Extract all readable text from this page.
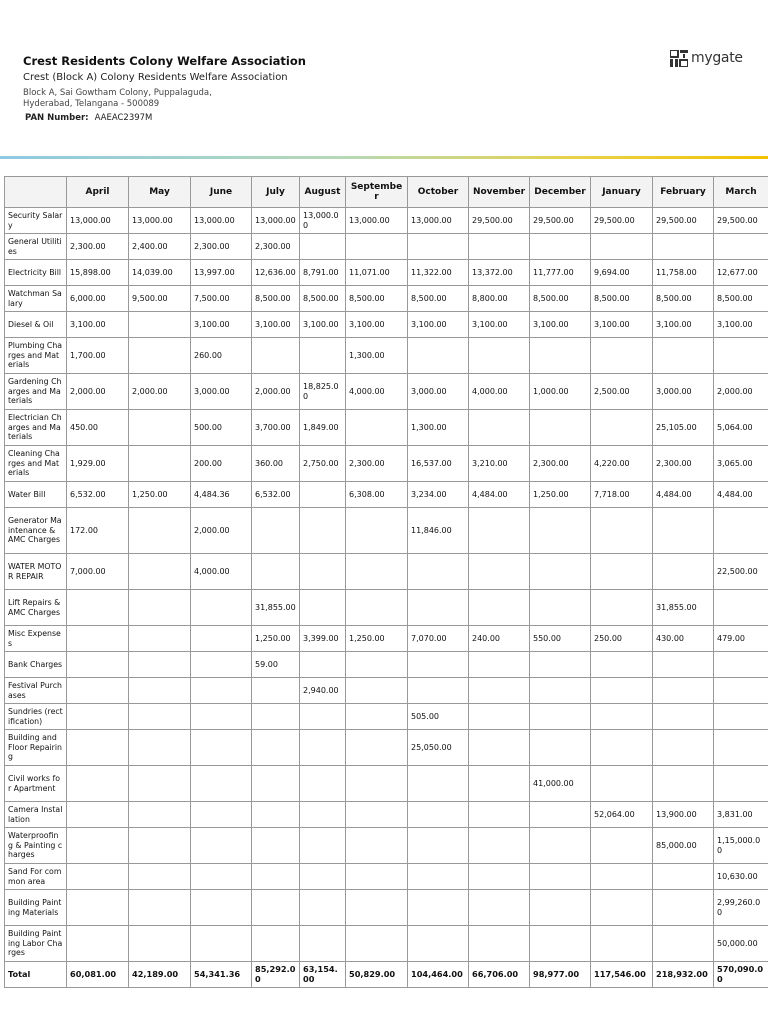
Crest Residents Colony Welfare Association
Crest (Block A) Colony Residents Welfare Association
Block A, Sai Gowtham Colony, Puppalaguda,
Hyderabad, Telangana - 500089
PAN Number: AAEAC2397M
mygate
	April	May	June	July	August	September	October	November	December	January	February	March
Security Salary	13,000.00	13,000.00	13,000.00	13,000.00	13,000.00	13,000.00	13,000.00	29,500.00	29,500.00	29,500.00	29,500.00	29,500.00
General Utilities	2,300.00	2,400.00	2,300.00	2,300.00								
Electricity Bill	15,898.00	14,039.00	13,997.00	12,636.00	8,791.00	11,071.00	11,322.00	13,372.00	11,777.00	9,694.00	11,758.00	12,677.00
Watchman Salary	6,000.00	9,500.00	7,500.00	8,500.00	8,500.00	8,500.00	8,500.00	8,800.00	8,500.00	8,500.00	8,500.00	8,500.00
Diesel & Oil	3,100.00		3,100.00	3,100.00	3,100.00	3,100.00	3,100.00	3,100.00	3,100.00	3,100.00	3,100.00	3,100.00
Plumbing Charges and Materials	1,700.00		260.00			1,300.00						
Gardening Charges and Materials	2,000.00	2,000.00	3,000.00	2,000.00	18,825.00	4,000.00	3,000.00	4,000.00	1,000.00	2,500.00	3,000.00	2,000.00
Electrician Charges and Materials	450.00		500.00	3,700.00	1,849.00		1,300.00				25,105.00	5,064.00
Cleaning Charges and Materials	1,929.00		200.00	360.00	2,750.00	2,300.00	16,537.00	3,210.00	2,300.00	4,220.00	2,300.00	3,065.00
Water Bill	6,532.00	1,250.00	4,484.36	6,532.00		6,308.00	3,234.00	4,484.00	1,250.00	7,718.00	4,484.00	4,484.00
Generator Maintenance & AMC Charges	172.00		2,000.00				11,846.00					
WATER MOTOR REPAIR	7,000.00		4,000.00									22,500.00
Lift Repairs & AMC Charges				31,855.00							31,855.00	
Misc Expenses				1,250.00	3,399.00	1,250.00	7,070.00	240.00	550.00	250.00	430.00	479.00
Bank Charges				59.00								
Festival Purchases					2,940.00							
Sundries (rectification)							505.00					
Building and Floor Repairing							25,050.00					
Civil works for Apartment									41,000.00			
Camera Installation										52,064.00	13,900.00	3,831.00
Waterproofing & Painting charges											85,000.00	1,15,000.00
Sand For common area												10,630.00
Building Painting Materials												2,99,260.00
Building Painting Labor Charges												50,000.00
Total	60,081.00	42,189.00	54,341.36	85,292.00	63,154.00	50,829.00	104,464.00	66,706.00	98,977.00	117,546.00	218,932.00	570,090.00
